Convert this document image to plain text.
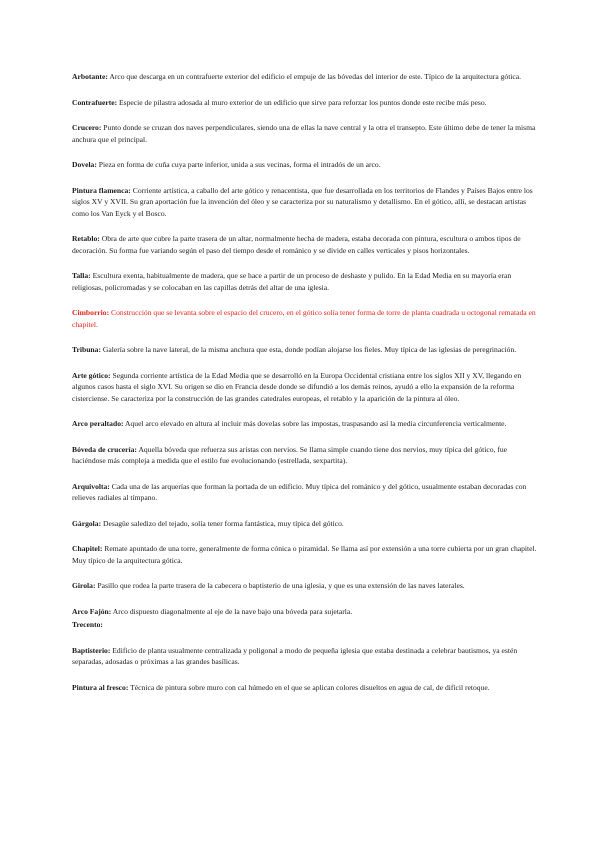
Arbotante: Arco que descarga en un contrafuerte exterior del edificio el empuje de las bóvedas del interior de este. Típico de la arquitectura gótica.

Contrafuerte: Especie de pilastra adosada al muro exterior de un edificio que sirve para reforzar los puntos donde este recibe más peso.

Crucero: Punto donde se cruzan dos naves perpendiculares, siendo una de ellas la nave central y la otra el transepto. Este último debe de tener la misma anchura que el principal.

Dovela: Pieza en forma de cuña cuya parte inferior, unida a sus vecinas, forma el intradós de un arco.

Pintura flamenca: Corriente artística, a caballo del arte gótico y renacentista, que fue desarrollada en los territorios de Flandes y Países Bajos entre los siglos XV y XVII. Su gran aportación fue la invención del óleo y se caracteriza por su naturalismo y detallismo. En el gótico, allí, se destacan artistas como los Van Eyck y el Bosco.

Retablo: Obra de arte que cubre la parte trasera de un altar, normalmente hecha de madera, estaba decorada con pintura, escultura o ambos tipos de decoración. Su forma fue variando según el paso del tiempo desde el románico y se divide en calles verticales y pisos horizontales.

Talla: Escultura exenta, habitualmente de madera, que se hace a partir de un proceso de deshaste y pulido. En la Edad Media en su mayoría eran religiosas, policromadas y se colocaban en las capillas detrás del altar de una iglesia.

Cimborrio: Construcción que se levanta sobre el espacio del crucero, en el gótico solía tener forma de torre de planta cuadrada u octogonal rematada en chapitel.

Tribuna: Galería sobre la nave lateral, de la misma anchura que esta, donde podían alojarse los fieles. Muy típica de las iglesias de peregrinación.

Arte gótico: Segunda corriente artística de la Edad Media que se desarrolló en la Europa Occidental cristiana entre los siglos XII y XV, llegando en algunos casos hasta el siglo XVI. Su origen se dio en Francia desde donde se difundió a los demás reinos, ayudó a ello la expansión de la reforma cisterciense. Se caracteriza por la construcción de las grandes catedrales europeas, el retablo y la aparición de la pintura al óleo.

Arco peraltado: Aquel arco elevado en altura al incluir más dovelas sobre las impostas, traspasando así la media circunferencia verticalmente.

Bóveda de crucería: Aquella bóveda que refuerza sus aristas con nervios. Se llama simple cuando tiene dos nervios, muy típica del gótico, fue haciéndose más compleja a medida que el estilo fue evolucionando (estrellada, sexpartita).

Arquivolta: Cada una de las arquerías que forman la portada de un edificio. Muy típica del románico y del gótico, usualmente estaban decoradas con relieves radiales al tímpano.

Gárgola: Desagüe saledizo del tejado, solía tener forma fantástica, muy típica del gótico.

Chapitel: Remate apuntado de una torre, generalmente de forma cónica o piramidal. Se llama así por extensión a una torre cubierta por un gran chapitel. Muy típico de la arquitectura gótica.

Girola: Pasillo que rodea la parte trasera de la cabecera o baptisterio de una iglesia, y que es una extensión de las naves laterales.

Arco Fajón: Arco dispuesto diagonalmente al eje de la nave bajo una bóveda para sujetarla.

Trecento:

Baptisterio: Edificio de planta usualmente centralizada y poligonal a modo de pequeña iglesia que estaba destinada a celebrar bautismos, ya estén separadas, adosadas o próximas a las grandes basílicas.

Pintura al fresco: Técnica de pintura sobre muro con cal húmedo en el que se aplican colores disueltos en agua de cal, de difícil retoque.
